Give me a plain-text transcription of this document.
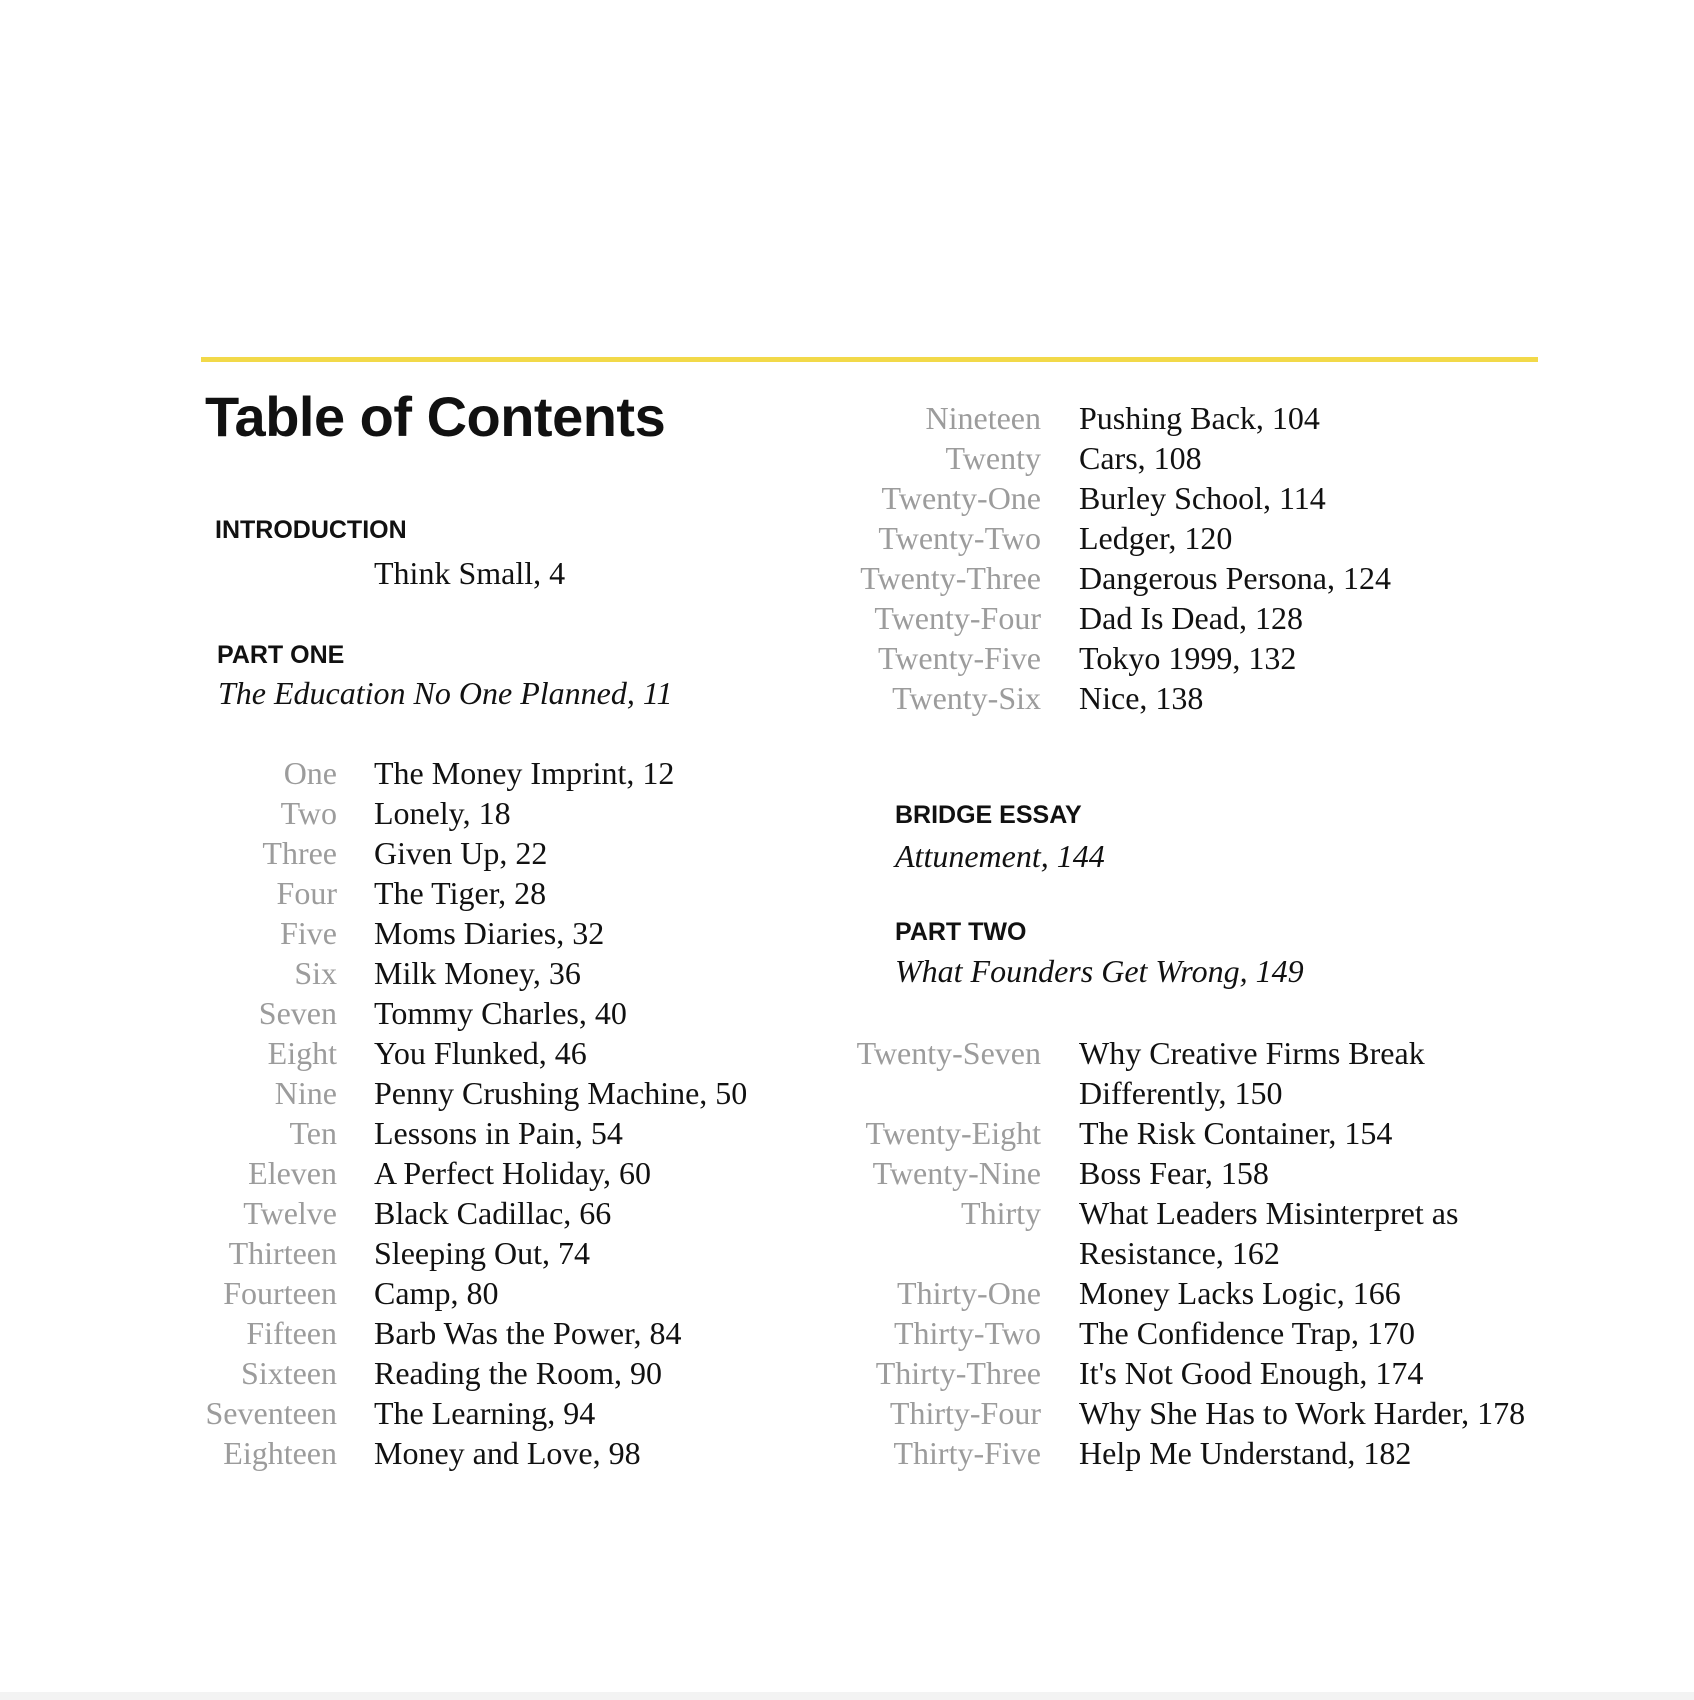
Table of Contents
INTRODUCTION
Think Small, 4
PART ONE
The Education No One Planned, 11
One The Money Imprint, 12
Two Lonely, 18
Three Given Up, 22
Four The Tiger, 28
Five Moms Diaries, 32
Six Milk Money, 36
Seven Tommy Charles, 40
Eight You Flunked, 46
Nine Penny Crushing Machine, 50
Ten Lessons in Pain, 54
Eleven A Perfect Holiday, 60
Twelve Black Cadillac, 66
Thirteen Sleeping Out, 74
Fourteen Camp, 80
Fifteen Barb Was the Power, 84
Sixteen Reading the Room, 90
Seventeen The Learning, 94
Eighteen Money and Love, 98
Nineteen Pushing Back, 104
Twenty Cars, 108
Twenty-One Burley School, 114
Twenty-Two Ledger, 120
Twenty-Three Dangerous Persona, 124
Twenty-Four Dad Is Dead, 128
Twenty-Five Tokyo 1999, 132
Twenty-Six Nice, 138
BRIDGE ESSAY
Attunement, 144
PART TWO
What Founders Get Wrong, 149
Twenty-Seven Why Creative Firms Break Differently, 150
Twenty-Eight The Risk Container, 154
Twenty-Nine Boss Fear, 158
Thirty What Leaders Misinterpret as Resistance, 162
Thirty-One Money Lacks Logic, 166
Thirty-Two The Confidence Trap, 170
Thirty-Three It's Not Good Enough, 174
Thirty-Four Why She Has to Work Harder, 178
Thirty-Five Help Me Understand, 182
